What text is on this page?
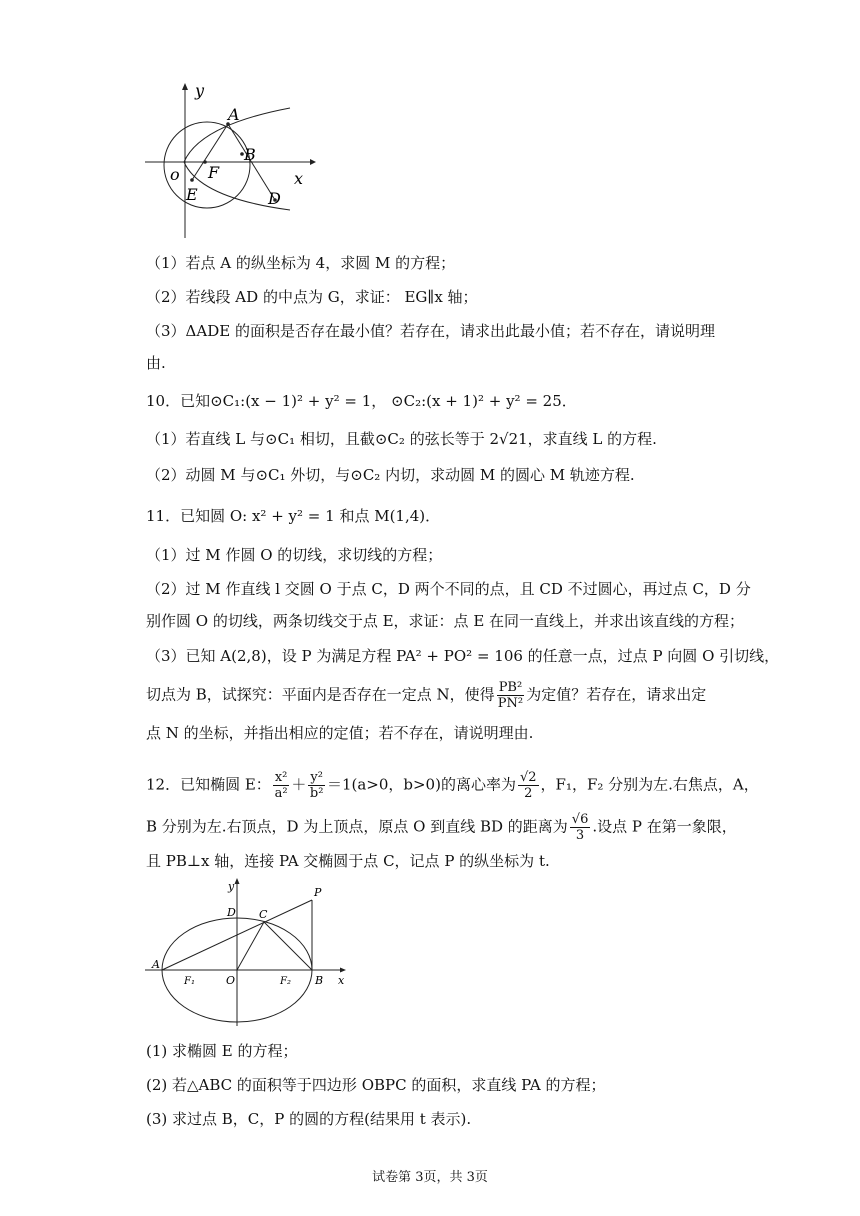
y
x
o
A
B
F
E	D
（1）若点 A 的纵坐标为 4，求圆 M 的方程；
（2）若线段 AD 的中点为 G，求证： EG∥x 轴；
（3）ΔADE 的面积是否存在最小值？若存在，请求出此最小值；若不存在，请说明理
由.
10．已知⊙C₁:(x − 1)² + y² = 1， ⊙C₂:(x + 1)² + y² = 25．
（1）若直线 L 与⊙C₁ 相切，且截⊙C₂ 的弦长等于 2√21，求直线 L 的方程.
（2）动圆 M 与⊙C₁ 外切，与⊙C₂ 内切，求动圆 M 的圆心 M 轨迹方程.
11．已知圆 O: x² + y² = 1 和点 M(1,4)．
（1）过 M 作圆 O 的切线，求切线的方程；
（2）过 M 作直线 l 交圆 O 于点 C，D 两个不同的点，且 CD 不过圆心，再过点 C，D 分
别作圆 O 的切线，两条切线交于点 E，求证：点 E 在同一直线上，并求出该直线的方程；
（3）已知 A(2,8)，设 P 为满足方程 PA² + PO² = 106 的任意一点，过点 P 向圆 O 引切线，
切点为 B，试探究：平面内是否存在一定点 N，使得 $\frac{\text{PB²}}{\text{PN²}}$ 为定值？若存在，请求出定
点 N 的坐标，并指出相应的定值；若不存在，请说明理由.
12．已知椭圆 E： $\frac{\text{x²}}{\text{a²}} + \frac{\text{y²}}{\text{b²}} =1(a>0$，b>0)的离心率为 $\frac{√2}{2}$ ，F₁，F₂ 分别为左.右焦点，A，
B 分别为左.右顶点，D 为上顶点，原点 O 到直线 BD 的距离为 $\frac{√6}{3}$ .设点 P 在第一象限，
且 PB⊥x 轴，连接 PA 交椭圆于点 C，记点 P 的纵坐标为 t.
y
x
P
D C
A
F₁	O	F₂ B
(1) 求椭圆 E 的方程；
(2) 若△ABC 的面积等于四边形 OBPC 的面积，求直线 PA 的方程；
(3) 求过点 B，C，P 的圆的方程(结果用 t 表示).
试卷第 3页，共 3页
